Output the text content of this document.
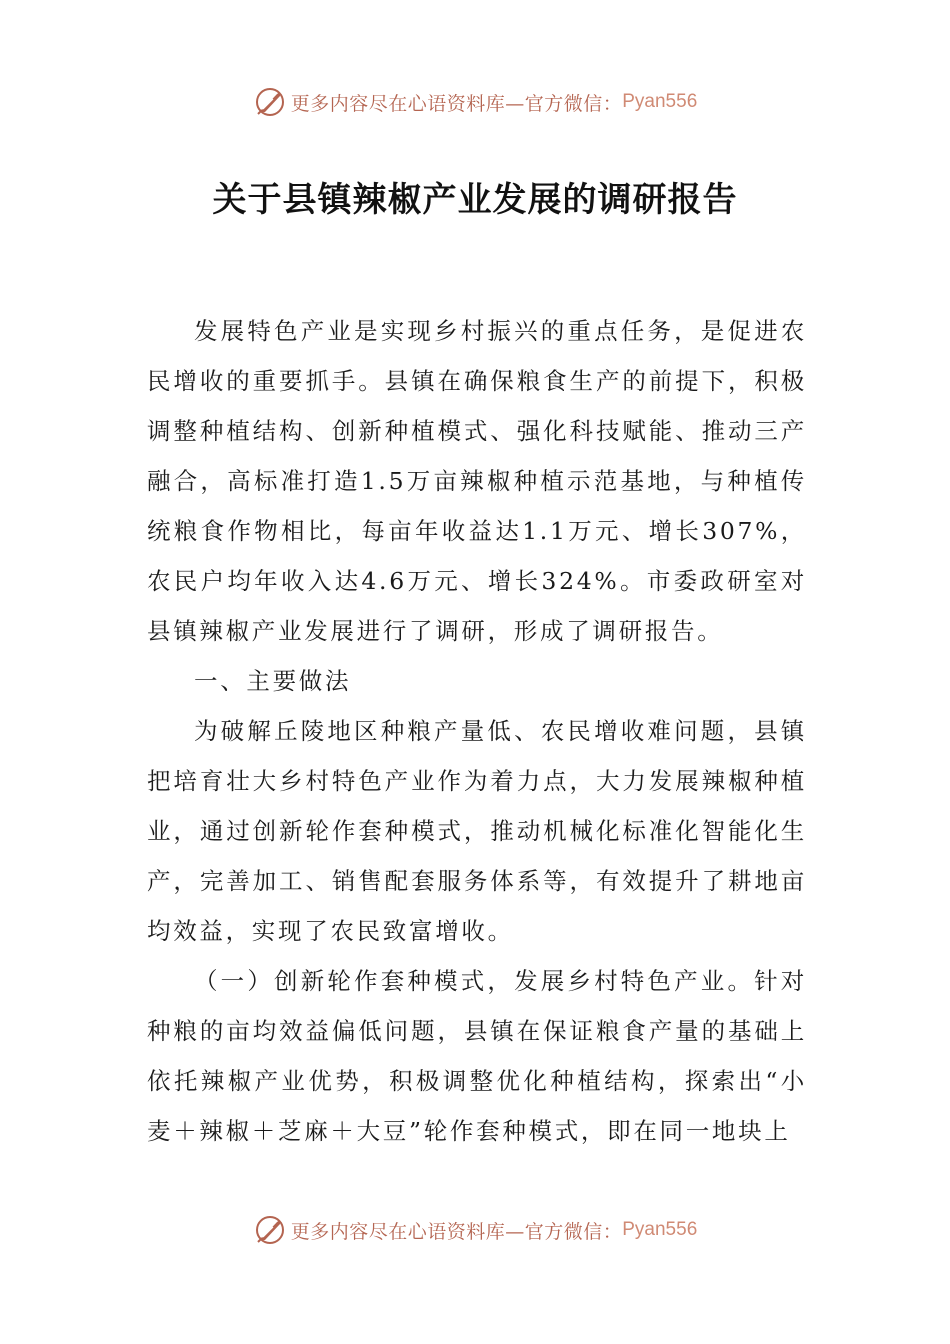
更多内容尽在心语资料库—官方微信： Pyan556
关于县镇辣椒产业发展的调研报告

发展特色产业是实现乡村振兴的重点任务，是促进农民增收的重要抓手。县镇在确保粮食生产的前提下，积极调整种植结构、创新种植模式、强化科技赋能、推动三产融合，高标准打造1.5万亩辣椒种植示范基地，与种植传统粮食作物相比，每亩年收益达1.1万元、增长307%，农民户均年收入达4.6万元、增长324%。市委政研室对县镇辣椒产业发展进行了调研，形成了调研报告。

一、主要做法

为破解丘陵地区种粮产量低、农民增收难问题，县镇把培育壮大乡村特色产业作为着力点，大力发展辣椒种植业，通过创新轮作套种模式，推动机械化标准化智能化生产，完善加工、销售配套服务体系等，有效提升了耕地亩均效益，实现了农民致富增收。

（一）创新轮作套种模式，发展乡村特色产业。针对种粮的亩均效益偏低问题，县镇在保证粮食产量的基础上依托辣椒产业优势，积极调整优化种植结构，探索出“小麦＋辣椒＋芝麻＋大豆”轮作套种模式，即在同一地块上

更多内容尽在心语资料库—官方微信： Pyan556
